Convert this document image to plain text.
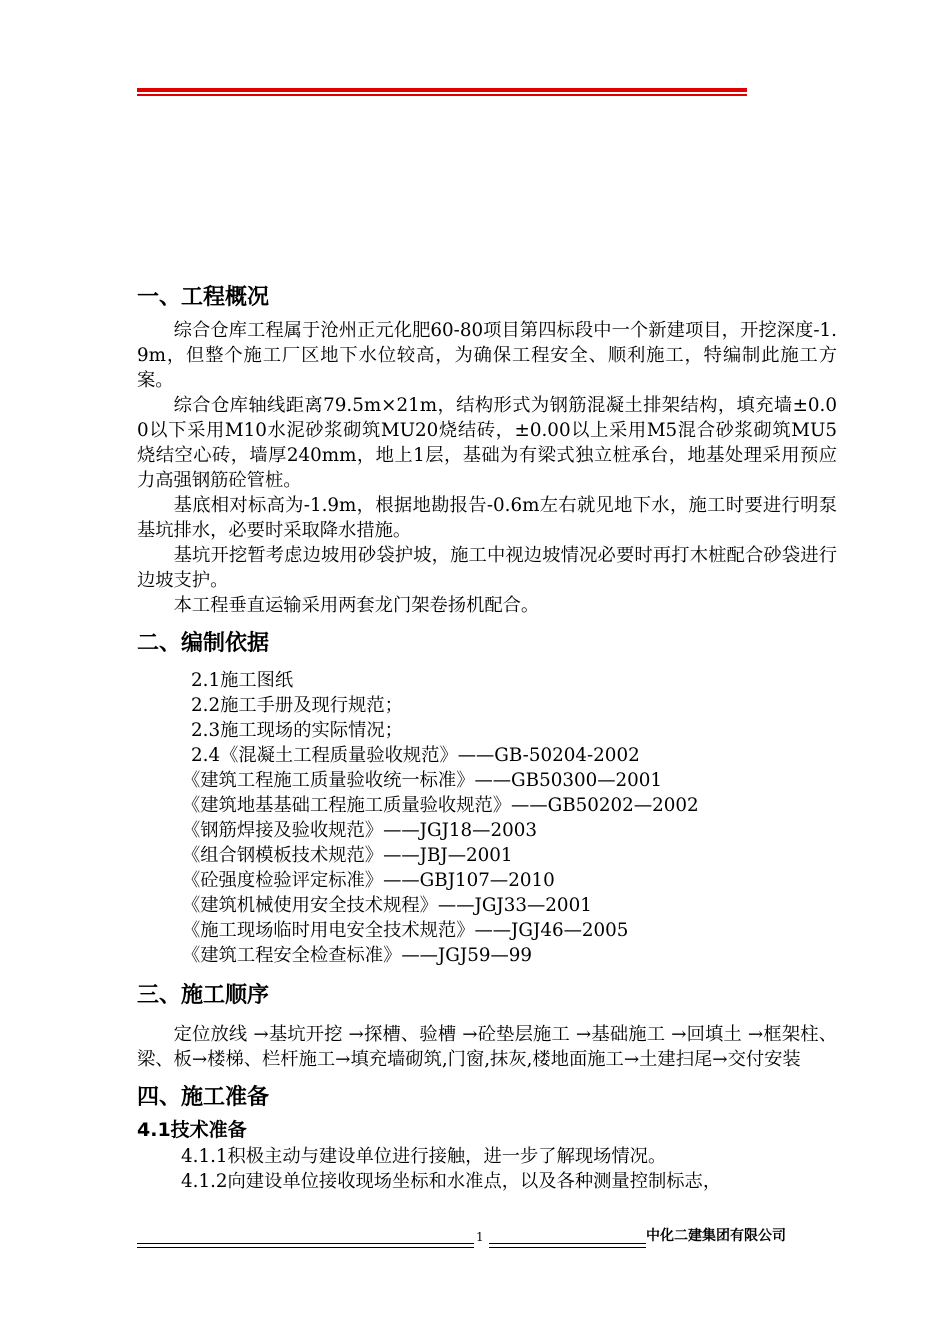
一、工程概况

综合仓库工程属于沧州正元化肥60-80项目第四标段中一个新建项目，开挖深度-1.9m，但整个施工厂区地下水位较高，为确保工程安全、顺利施工，特编制此施工方案。

综合仓库轴线距离79.5m×21m，结构形式为钢筋混凝土排架结构，填充墙±0.00以下采用M10水泥砂浆砌筑MU20烧结砖，±0.00以上采用M5混合砂浆砌筑MU5烧结空心砖，墙厚240mm，地上1层，基础为有梁式独立桩承台，地基处理采用预应力高强钢筋砼管桩。

基底相对标高为-1.9m，根据地勘报告-0.6m左右就见地下水，施工时要进行明泵基坑排水，必要时采取降水措施。

基坑开挖暂考虑边坡用砂袋护坡，施工中视边坡情况必要时再打木桩配合砂袋进行边坡支护。

本工程垂直运输采用两套龙门架卷扬机配合。

二、编制依据
2.1施工图纸
2.2施工手册及现行规范；
2.3施工现场的实际情况；
2.4《混凝土工程质量验收规范》——GB-50204-2002
《建筑工程施工质量验收统一标准》——GB50300—2001
《建筑地基基础工程施工质量验收规范》——GB50202—2002
《钢筋焊接及验收规范》——JGJ18—2003
《组合钢模板技术规范》——JBJ—2001
《砼强度检验评定标准》——GBJ107—2010
《建筑机械使用安全技术规程》——JGJ33—2001
《施工现场临时用电安全技术规范》——JGJ46—2005
《建筑工程安全检查标准》——JGJ59—99
三、施工顺序

定位放线 →基坑开挖 →探槽、验槽 →砼垫层施工 →基础施工 →回填土 →框架柱、梁、板→楼梯、栏杆施工→填充墙砌筑,门窗,抹灰,楼地面施工→土建扫尾→交付安装

四、施工准备
4.1技术准备
4.1.1积极主动与建设单位进行接触，进一步了解现场情况。
4.1.2向建设单位接收现场坐标和水准点，以及各种测量控制标志，
1	中化二建集团有限公司
